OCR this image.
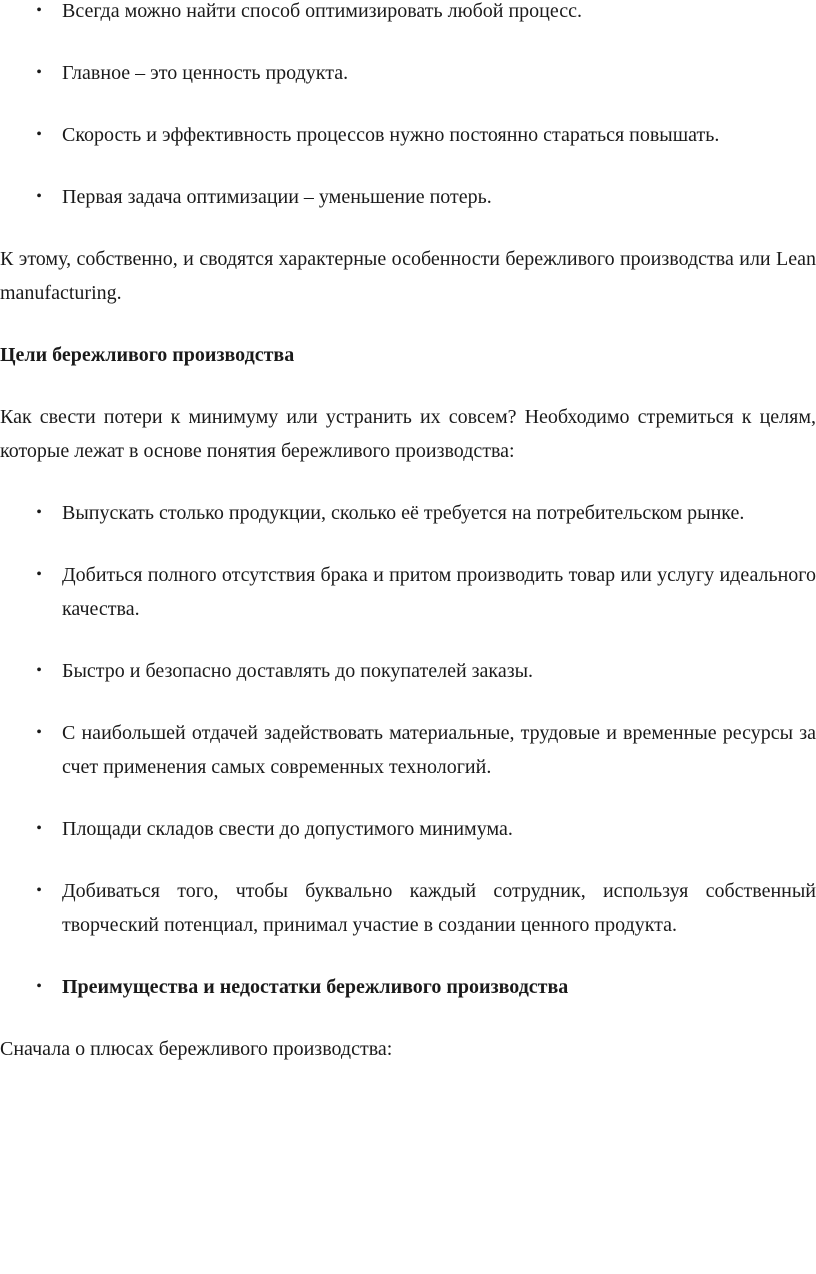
• Всегда можно найти способ оптимизировать любой процесс.
• Главное – это ценность продукта.
• Скорость и эффективность процессов нужно постоянно стараться повышать.
• Первая задача оптимизации – уменьшение потерь.

К этому, собственно, и сводятся характерные особенности бережливого производства или Lean manufacturing.

Цели бережливого производства

Как свести потери к минимуму или устранить их совсем? Необходимо стремиться к целям, которые лежат в основе понятия бережливого производства:

• Выпускать столько продукции, сколько её требуется на потребительском рынке.
• Добиться полного отсутствия брака и притом производить товар или услугу идеального качества.
• Быстро и безопасно доставлять до покупателей заказы.
• С наибольшей отдачей задействовать материальные, трудовые и временные ресурсы за счет применения самых современных технологий.
• Площади складов свести до допустимого минимума.
• Добиваться того, чтобы буквально каждый сотрудник, используя собственный творческий потенциал, принимал участие в создании ценного продукта.
• Преимущества и недостатки бережливого производства

Сначала о плюсах бережливого производства:
